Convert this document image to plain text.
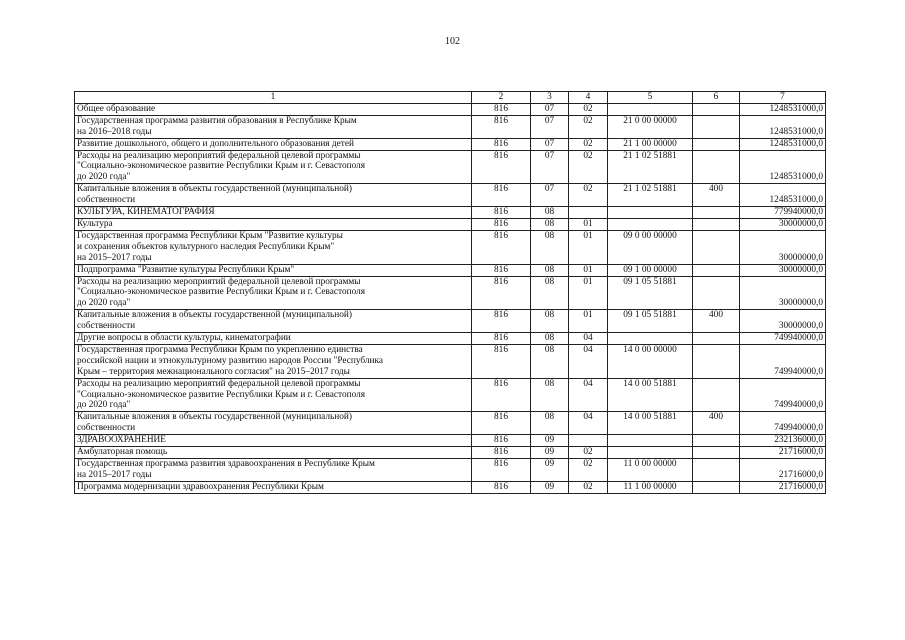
102
1	2	3	4	5	6	7
Общее образование	816	07	02			1248531000,0
Государственная программа развития образования в Республике Крым
на 2016–2018 годы	816	07	02	21 0 00 00000		1248531000,0
Развитие дошкольного, общего и дополнительного образования детей	816	07	02	21 1 00 00000		1248531000,0
Расходы на реализацию мероприятий федеральной целевой программы
"Социально-экономическое развитие Республики Крым и г. Севастополя
до 2020 года"	816	07	02	21 1 02 51881		1248531000,0
Капитальные вложения в объекты государственной (муниципальной)
собственности	816	07	02	21 1 02 51881	400	1248531000,0
КУЛЬТУРА, КИНЕМАТОГРАФИЯ	816	08				779940000,0
Культура	816	08	01			30000000,0
Государственная программа Республики Крым "Развитие культуры
и сохранения объектов культурного наследия Республики Крым"
на 2015–2017 годы	816	08	01	09 0 00 00000		30000000,0
Подпрограмма "Развитие культуры Республики Крым"	816	08	01	09 1 00 00000		30000000,0
Расходы на реализацию мероприятий федеральной целевой программы
"Социально-экономическое развитие Республики Крым и г. Севастополя
до 2020 года"	816	08	01	09 1 05 51881		30000000,0
Капитальные вложения в объекты государственной (муниципальной)
собственности	816	08	01	09 1 05 51881	400	30000000,0
Другие вопросы в области культуры, кинематографии	816	08	04			749940000,0
Государственная программа Республики Крым по укреплению единства
российской нации и этнокультурному развитию народов России "Республика
Крым – территория межнационального согласия" на 2015–2017 годы	816	08	04	14 0 00 00000		749940000,0
Расходы на реализацию мероприятий федеральной целевой программы
"Социально-экономическое развитие Республики Крым и г. Севастополя
до 2020 года"	816	08	04	14 0 00 51881		749940000,0
Капитальные вложения в объекты государственной (муниципальной)
собственности	816	08	04	14 0 00 51881	400	749940000,0
ЗДРАВООХРАНЕНИЕ	816	09				232136000,0
Амбулаторная помощь	816	09	02			21716000,0
Государственная программа развития здравоохранения в Республике Крым
на 2015–2017 годы	816	09	02	11 0 00 00000		21716000,0
Программа модернизации здравоохранения Республики Крым	816	09	02	11 1 00 00000		21716000,0
